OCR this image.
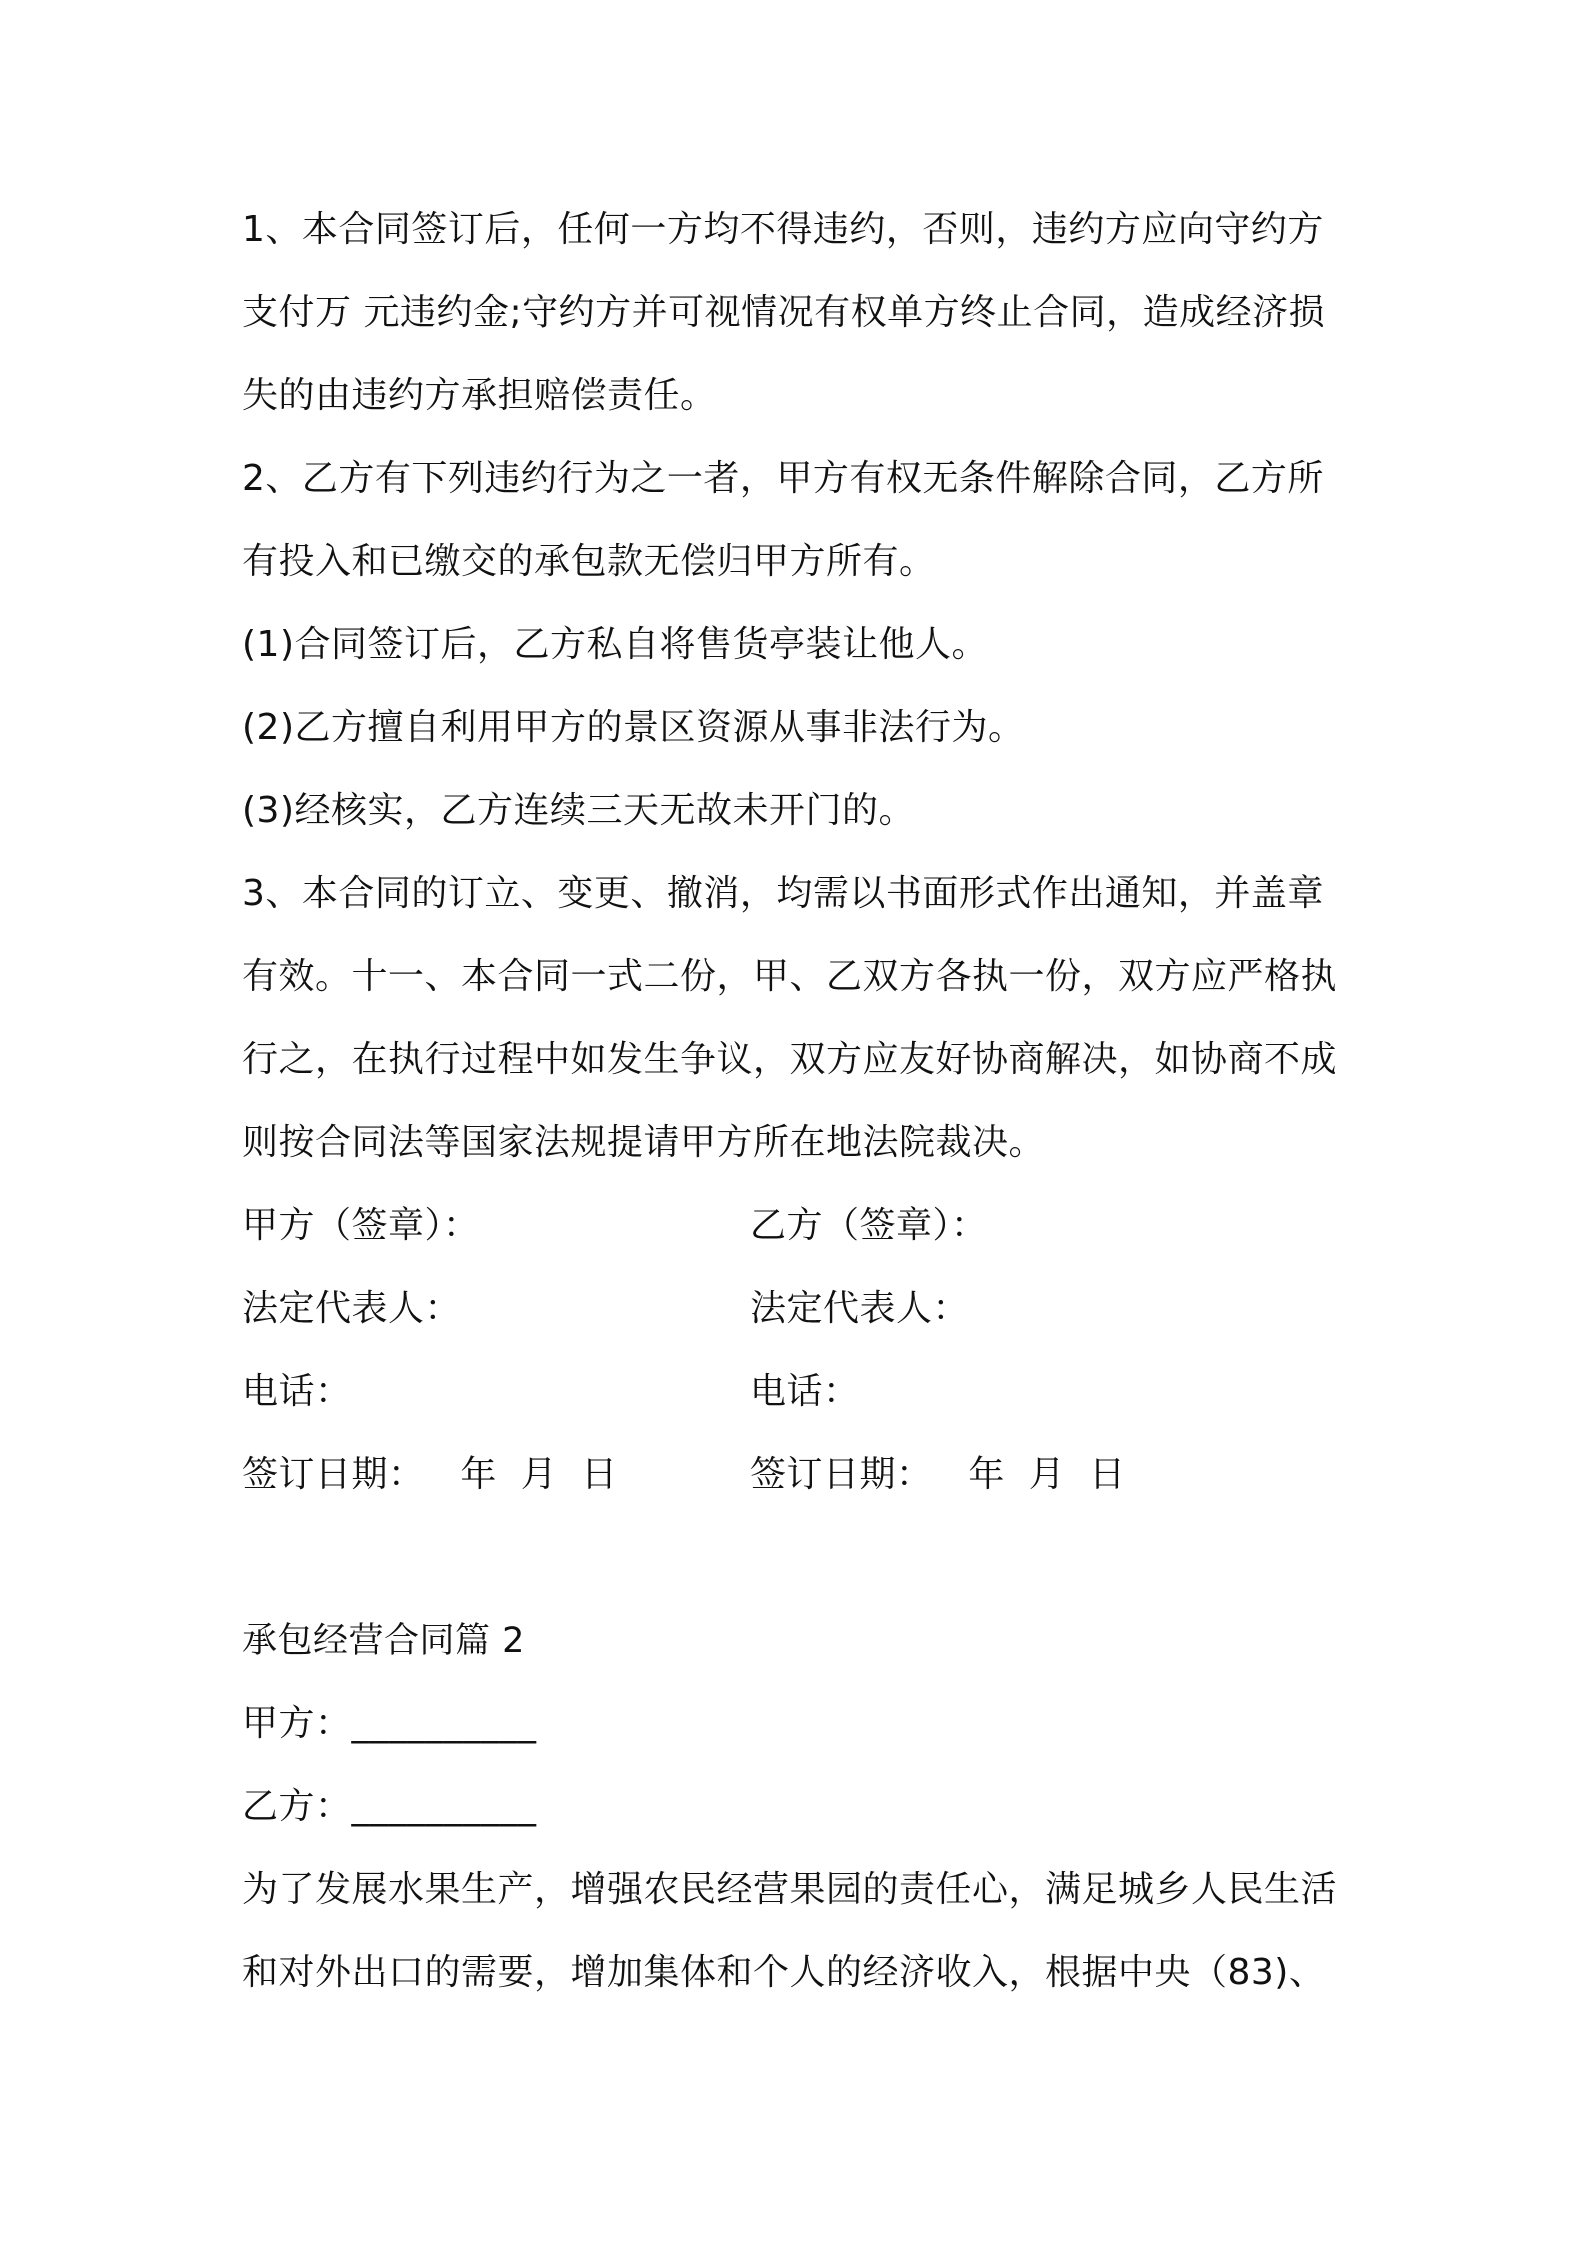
1、本合同签订后，任何一方均不得违约，否则，违约方应向守约方
支付万 元违约金;守约方并可视情况有权单方终止合同，造成经济损
失的由违约方承担赔偿责任。
2、乙方有下列违约行为之一者，甲方有权无条件解除合同，乙方所
有投入和已缴交的承包款无偿归甲方所有。
(1)合同签订后，乙方私自将售货亭装让他人。
(2)乙方擅自利用甲方的景区资源从事非法行为。
(3)经核实，乙方连续三天无故未开门的。
3、本合同的订立、变更、撤消，均需以书面形式作出通知，并盖章
有效。十一、本合同一式二份，甲、乙双方各执一份，双方应严格执
行之，在执行过程中如发生争议，双方应友好协商解决，如协商不成
则按合同法等国家法规提请甲方所在地法院裁决。
甲方（签章）：	乙方（签章）：
法定代表人：	法定代表人：
电话：	电话：
签订日期：   年  月  日	签订日期：   年  月  日
承包经营合同篇 2
甲方：__________
乙方：__________
为了发展水果生产，增强农民经营果园的责任心，满足城乡人民生活
和对外出口的需要，增加集体和个人的经济收入，根据中央（83)、
